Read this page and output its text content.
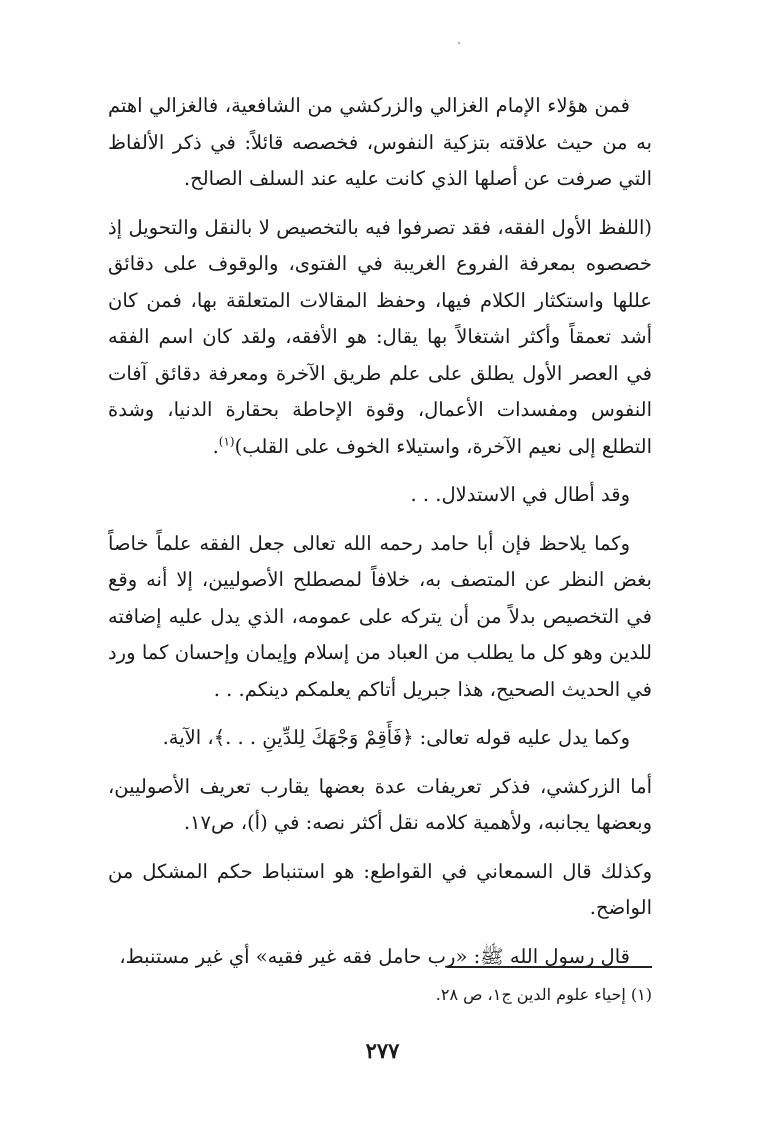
فمن هؤلاء الإمام الغزالي والزركشي من الشافعية، فالغزالي اهتم به من حيث علاقته بتزكية النفوس، فخصصه قائلاً: في ذكر الألفاظ التي صرفت عن أصلها الذي كانت عليه عند السلف الصالح.

(اللفظ الأول الفقه، فقد تصرفوا فيه بالتخصيص لا بالنقل والتحويل إذ خصصوه بمعرفة الفروع الغريبة في الفتوى، والوقوف على دقائق عللها واستكثار الكلام فيها، وحفظ المقالات المتعلقة بها، فمن كان أشد تعمقاً وأكثر اشتغالاً بها يقال: هو الأفقه، ولقد كان اسم الفقه في العصر الأول يطلق على علم طريق الآخرة ومعرفة دقائق آفات النفوس ومفسدات الأعمال، وقوة الإحاطة بحقارة الدنيا، وشدة التطلع إلى نعيم الآخرة، واستيلاء الخوف على القلب)$^{(١)}$.

وقد أطال في الاستدلال. . .

وكما يلاحظ فإن أبا حامد رحمه الله تعالى جعل الفقه علماً خاصاً بغض النظر عن المتصف به، خلافاً لمصطلح الأصوليين، إلا أنه وقع في التخصيص بدلاً من أن يتركه على عمومه، الذي يدل عليه إضافته للدين وهو كل ما يطلب من العباد من إسلام وإيمان وإحسان كما ورد في الحديث الصحيح، هذا جبريل أتاكم يعلمكم دينكم. . .

وكما يدل عليه قوله تعالى: ﴿فَأَقِمْ وَجْهَكَ لِلدِّينِ . . .﴾، الآية.

أما الزركشي، فذكر تعريفات عدة بعضها يقارب تعريف الأصوليين، وبعضها يجانبه، ولأهمية كلامه نقل أكثر نصه: في (أ)، ص١٧.

وكذلك قال السمعاني في القواطع: هو استنباط حكم المشكل من الواضح.

قال رسول الله ﷺ: «رب حامل فقه غير فقيه» أي غير مستنبط،

(١) إحياء علوم الدين ج١، ص ٢٨.
٢٧٧
